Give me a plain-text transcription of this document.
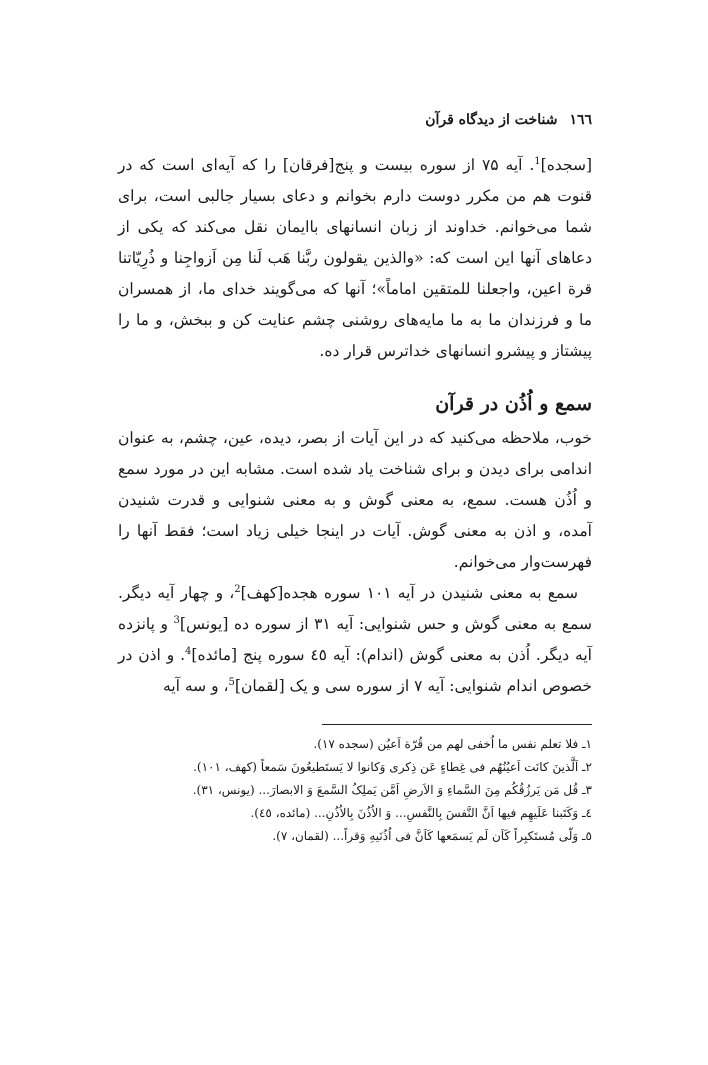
١٦٦
شناخت از دیدگاه قرآن

[سجده]$^1$. آیه ۷۵ از سوره بیست و پنج[فرقان] را که آیه‌ای است که در قنوت هم من مکرر دوست دارم بخوانم و دعای بسیار جالبی است، برای شما می‌خوانم. خداوند از زبان انسانهای باایمان نقل می‌کند که یکی از دعاهای آنها این است که: «والذین یقولون ربَّنا هَب لَنا مِن اَزواجِنا و ذُرِیّاتنا قرة اعین، واجعلنا للمتقین اماماً»؛ آنها که می‌گویند خدای ما، از همسران ما و فرزندان ما به ما مایه‌های روشنی چشم عنایت کن و ببخش، و ما را پیشتاز و پیشرو انسانهای خداترس قرار ده.

سمع و اُذُن در قرآن

خوب، ملاحظه می‌کنید که در این آیات از بصر، دیده، عین، چشم، به عنوان اندامی برای دیدن و برای شناخت یاد شده است. مشابه این در مورد سمع و اُذُن هست. سمع، به معنی گوش و به معنی شنوایی و قدرت شنیدن آمده، و اذن به معنی گوش. آیات در اینجا خیلی زیاد است؛ فقط آنها را فهرست‌وار می‌خوانم.

سمع به معنی شنیدن در آیه ۱۰۱ سوره هجده[کهف]$^2$، و چهار آیه دیگر. سمع به معنی گوش و حس شنوایی: آیه ۳۱ از سوره ده [یونس]$^3$ و پانزده آیه دیگر. اُذن به معنی گوش (اندام): آیه ٤٥ سوره پنج [مائده]$^4$. و اذن در خصوص اندام شنوایی: آیه ۷ از سوره سی و یک [لقمان]$^5$، و سه آیه

١ـ فلا تعلم نفس ما اُخفی لهم من قُرّة اَعیُن (سجده ١٧).
٢ـ اَلَّذینَ کانَت اَعیُنُهُم فی غِطاءٍ عَن ذِکری وَکانوا لا یَستَطیعُونَ سَمعاً (کهف، ١٠١).
٣ـ قُل مَن یَرزُقُکُم مِنَ السَّماءِ وَ الاَرضِ اَمَّن یَملِکُ السَّمعَ وَ الابصارَ... (یونس، ٣١).
٤ـ وَکَتَبنا عَلَیهِم فیها اَنَّ النَّفسَ بِالنَّفسِ... وَ الاُذُنَ بِالاُذُنِ... (مائده، ٤٥).
٥ـ وَلّی مُستَکبِراً کَاَن لَم یَسمَعها کَاَنَّ فی اُذُنَیهِ وَقراً... (لقمان، ٧).
